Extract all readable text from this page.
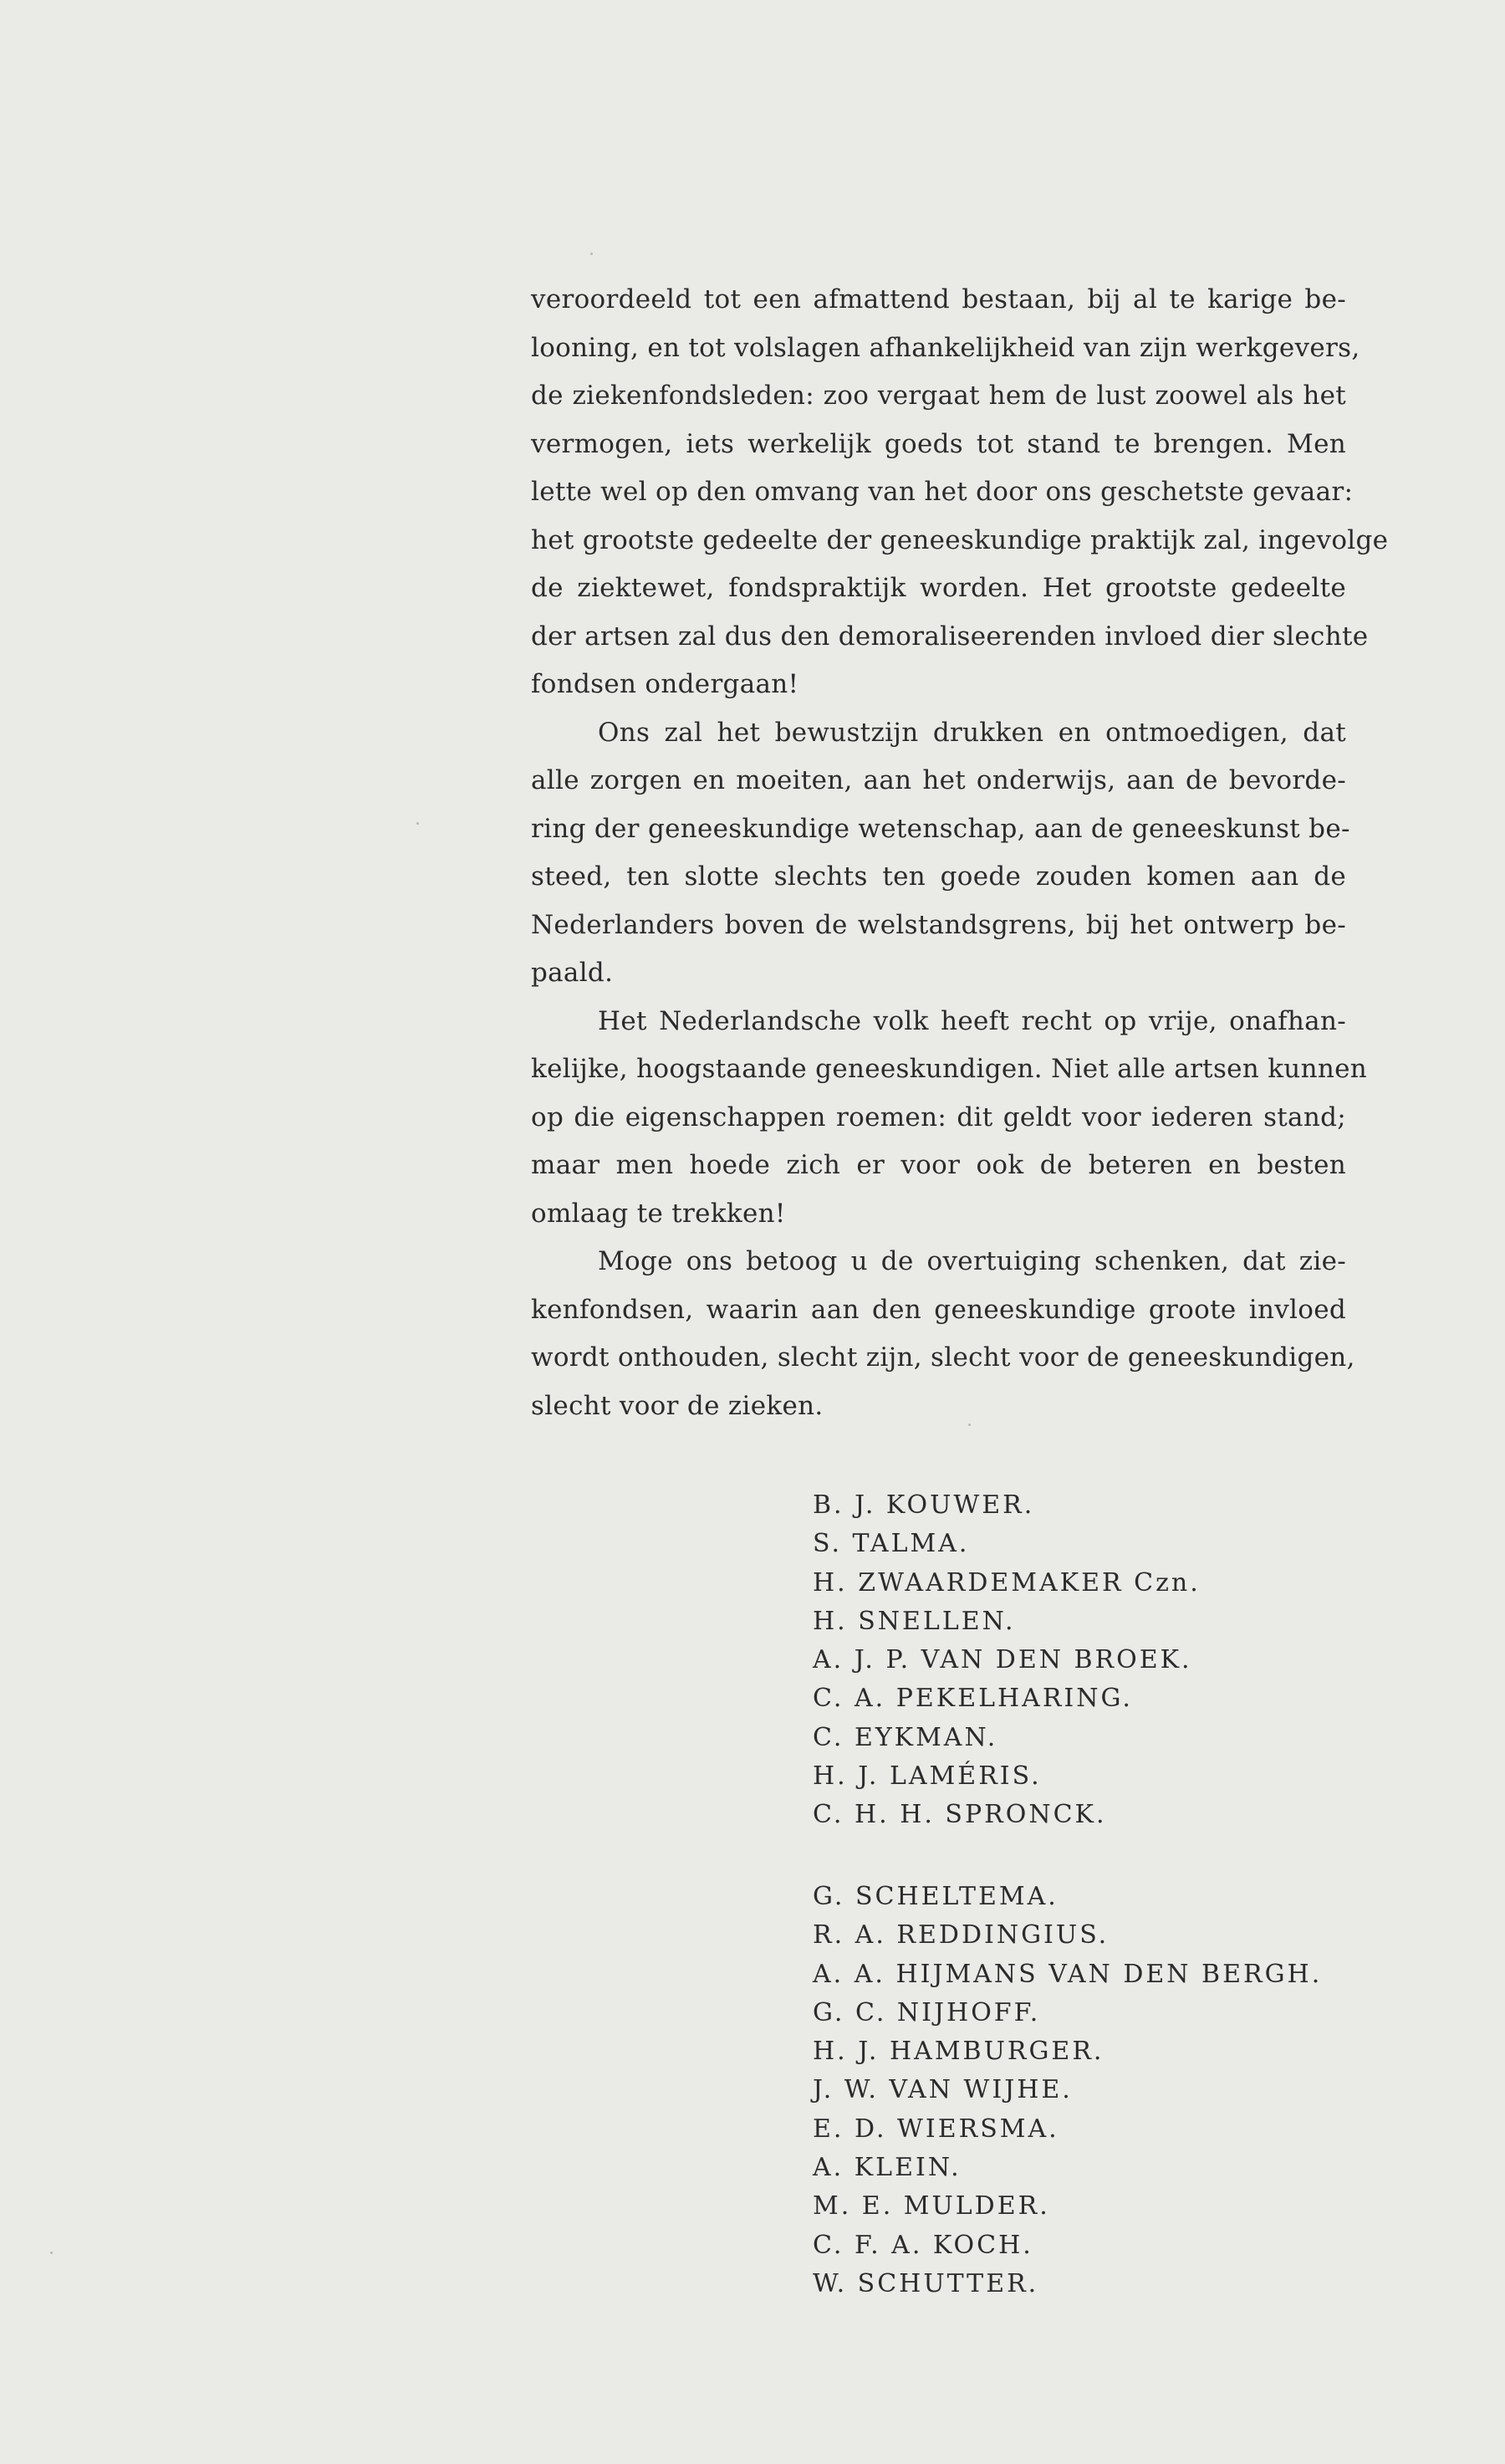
veroordeeld tot een afmattend bestaan, bij al te karige be-
looning, en tot volslagen afhankelijkheid van zijn werkgevers,
de ziekenfondsleden: zoo vergaat hem de lust zoowel als het
vermogen, iets werkelijk goeds tot stand te brengen. Men
lette wel op den omvang van het door ons geschetste gevaar:
het grootste gedeelte der geneeskundige praktijk zal, ingevolge
de ziektewet, fondspraktijk worden. Het grootste gedeelte
der artsen zal dus den demoraliseerenden invloed dier slechte
fondsen ondergaan!
Ons zal het bewustzijn drukken en ontmoedigen, dat
alle zorgen en moeiten, aan het onderwijs, aan de bevorde-
ring der geneeskundige wetenschap, aan de geneeskunst be-
steed, ten slotte slechts ten goede zouden komen aan de
Nederlanders boven de welstandsgrens, bij het ontwerp be-
paald.
Het Nederlandsche volk heeft recht op vrije, onafhan-
kelijke, hoogstaande geneeskundigen. Niet alle artsen kunnen
op die eigenschappen roemen: dit geldt voor iederen stand;
maar men hoede zich er voor ook de beteren en besten
omlaag te trekken!
Moge ons betoog u de overtuiging schenken, dat zie-
kenfondsen, waarin aan den geneeskundige groote invloed
wordt onthouden, slecht zijn, slecht voor de geneeskundigen,
slecht voor de zieken.
B. J. KOUWER.
S. TALMA.
H. ZWAARDEMAKER Czn.
H. SNELLEN.
A. J. P. VAN DEN BROEK.
C. A. PEKELHARING.
C. EYKMAN.
H. J. LAMÉRIS.
C. H. H. SPRONCK.
G. SCHELTEMA.
R. A. REDDINGIUS.
A. A. HIJMANS VAN DEN BERGH.
G. C. NIJHOFF.
H. J. HAMBURGER.
J. W. VAN WIJHE.
E. D. WIERSMA.
A. KLEIN.
M. E. MULDER.
C. F. A. KOCH.
W. SCHUTTER.
